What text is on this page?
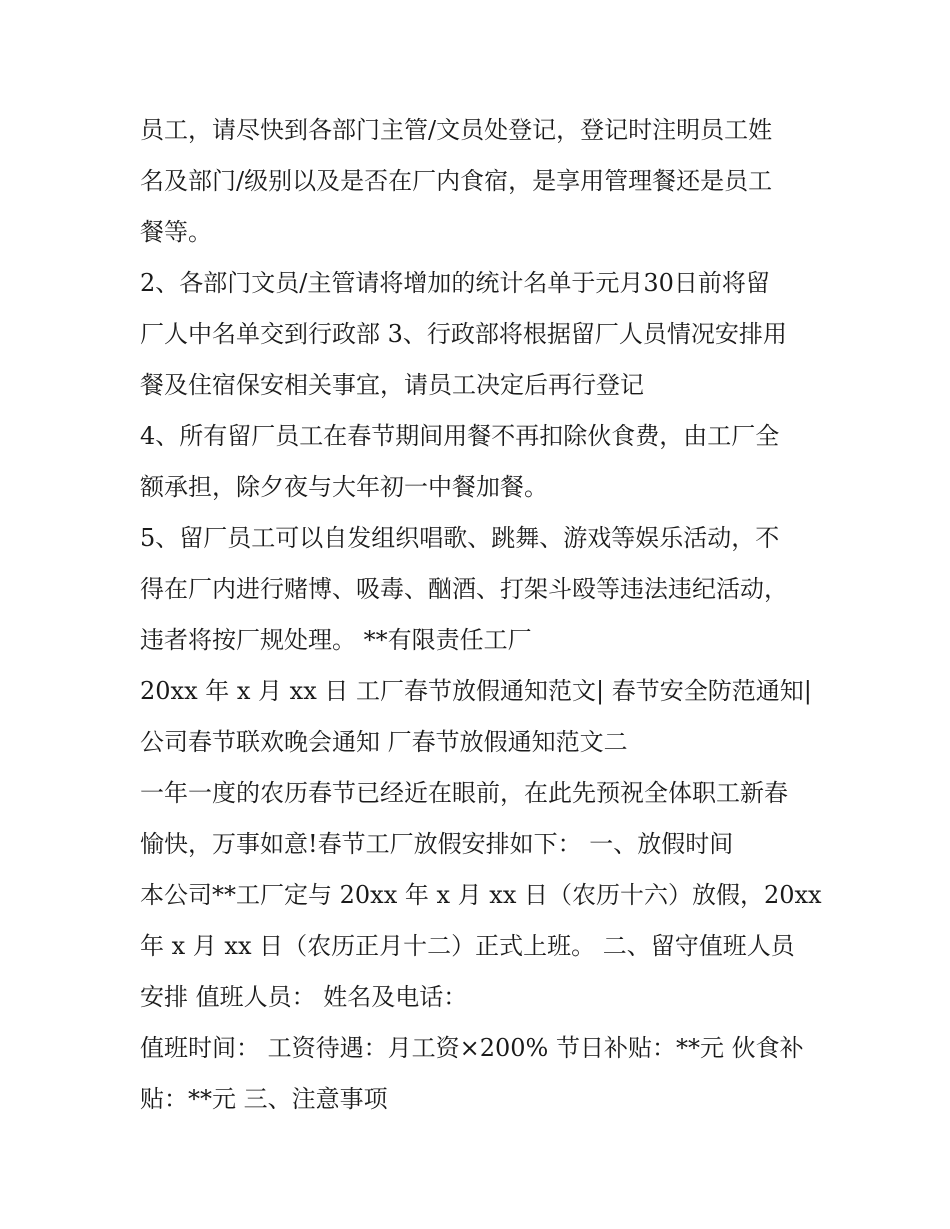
员工，请尽快到各部门主管/文员处登记，登记时注明员工姓
名及部门/级别以及是否在厂内食宿，是享用管理餐还是员工
餐等。
2、各部门文员/主管请将增加的统计名单于元月30日前将留
厂人中名单交到行政部 3、行政部将根据留厂人员情况安排用
餐及住宿保安相关事宜，请员工决定后再行登记
4、所有留厂员工在春节期间用餐不再扣除伙食费，由工厂全
额承担，除夕夜与大年初一中餐加餐。
5、留厂员工可以自发组织唱歌、跳舞、游戏等娱乐活动，不
得在厂内进行赌博、吸毒、酗酒、打架斗殴等违法违纪活动，
违者将按厂规处理。 **有限责任工厂
20xx 年 x 月 xx 日 工厂春节放假通知范文| 春节安全防范通知|
公司春节联欢晚会通知 厂春节放假通知范文二
一年一度的农历春节已经近在眼前，在此先预祝全体职工新春
愉快，万事如意!春节工厂放假安排如下： 一、放假时间
本公司**工厂定与 20xx 年 x 月 xx 日（农历十六）放假，20xx
年 x 月 xx 日（农历正月十二）正式上班。 二、留守值班人员
安排 值班人员： 姓名及电话：
值班时间： 工资待遇：月工资×200% 节日补贴：**元 伙食补
贴：**元 三、注意事项
